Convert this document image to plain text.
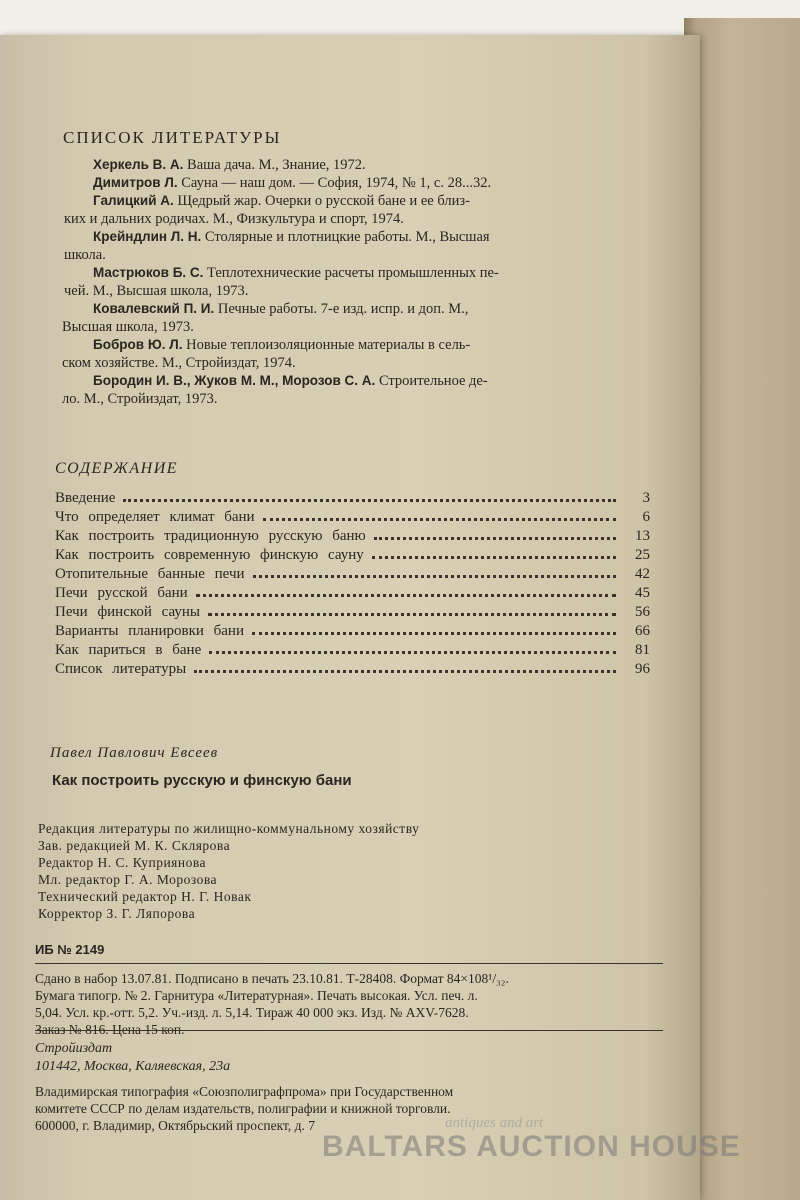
СПИСОК ЛИТЕРАТУРЫ
Херкель В. А. Ваша дача. М., Знание, 1972.
Димитров Л. Сауна — наш дом. — София, 1974, № 1, с. 28...32.
Галицкий А. Щедрый жар. Очерки о русской бане и ее близ-
ких и дальних родичах. М., Физкультура и спорт, 1974.
Крейндлин Л. Н. Столярные и плотницкие работы. М., Высшая
школа.
Мастрюков Б. С. Теплотехнические расчеты промышленных пе-
чей. М., Высшая школа, 1973.
Ковалевский П. И. Печные работы. 7-е изд. испр. и доп. М.,
Высшая школа, 1973.
Бобров Ю. Л. Новые теплоизоляционные материалы в сель-
ском хозяйстве. М., Стройиздат, 1974.
Бородин И. В., Жуков М. М., Морозов С. А. Строительное де-
ло. М., Стройиздат, 1973.
СОДЕРЖАНИЕ
Введение	3
Что определяет климат бани	6
Как построить традиционную русскую баню	13
Как построить современную финскую сауну	25
Отопительные банные печи	42
Печи русской бани	45
Печи финской сауны	56
Варианты планировки бани	66
Как париться в бане	81
Список литературы	96
Павел Павлович Евсеев
Как построить русскую и финскую бани
Редакция литературы по жилищно-коммунальному хозяйству
Зав. редакцией М. К. Склярова
Редактор Н. С. Куприянова
Мл. редактор Г. А. Морозова
Технический редактор Н. Г. Новак
Корректор З. Г. Ляпорова
ИБ № 2149
Сдано в набор 13.07.81. Подписано в печать 23.10.81. Т-28408. Формат 84×108¹/₃₂.
Бумага типогр. № 2. Гарнитура «Литературная». Печать высокая. Усл. печ. л.
5,04. Усл. кр.-отт. 5,2. Уч.-изд. л. 5,14. Тираж 40 000 экз. Изд. № AXV-7628.
Заказ № 816. Цена 15 коп.
Стройиздат
101442, Москва, Каляевская, 23а
Владимирская типография «Союзполиграфпрома» при Государственном
комитете СССР по делам издательств, полиграфии и книжной торговли.
600000, г. Владимир, Октябрьский проспект, д. 7	antiques and art
BALTARS AUCTION HOUSE
